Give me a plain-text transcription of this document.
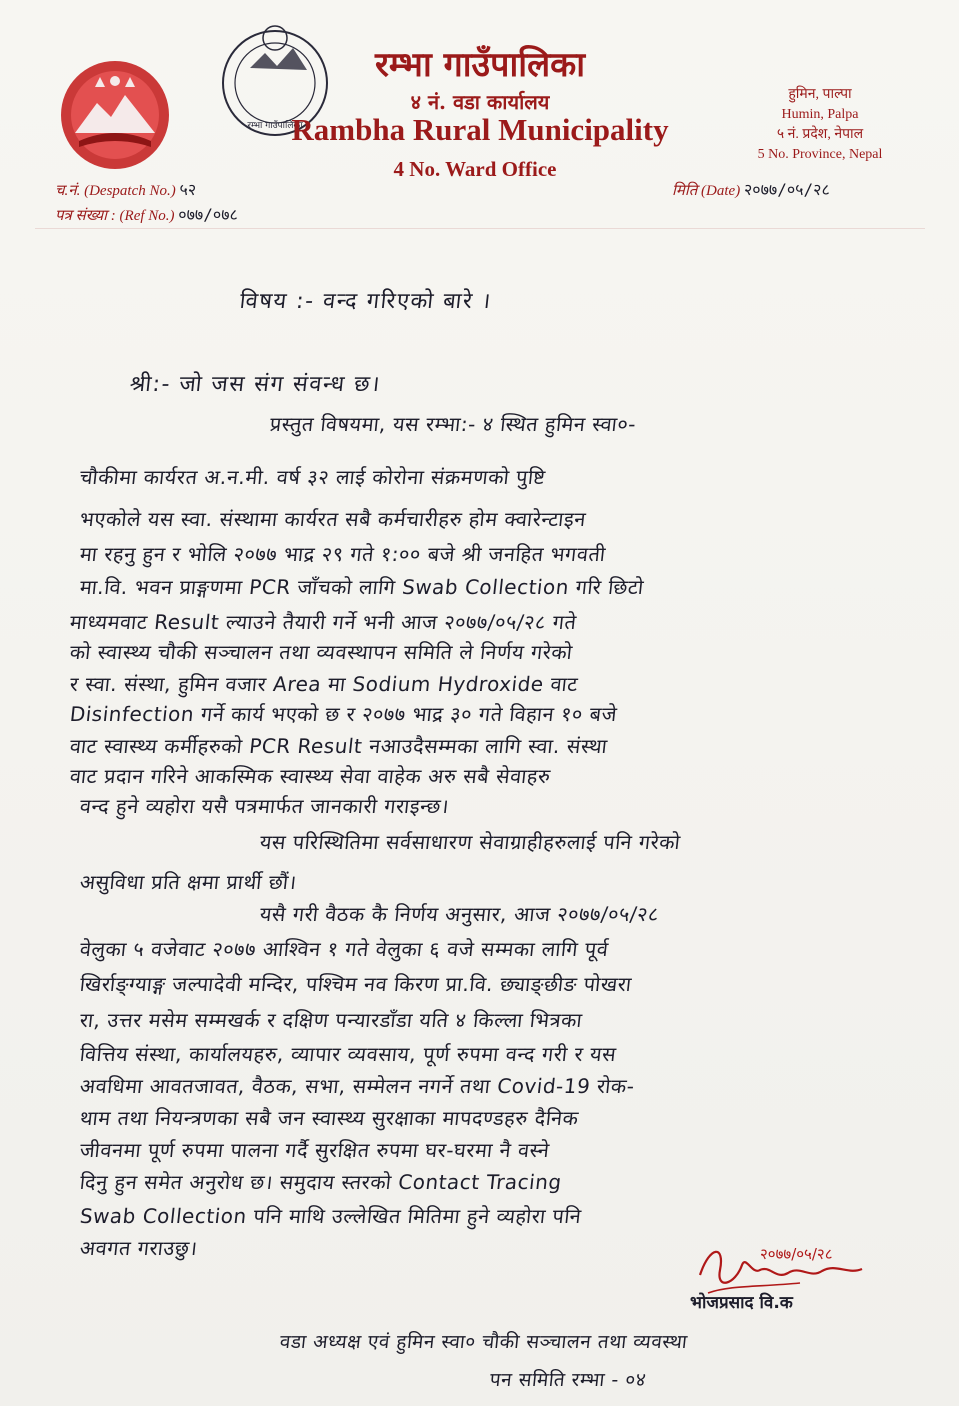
रम्भा गाउँपालिका
रम्भा गाउँपालिका
४ नं. वडा कार्यालय
Rambha Rural Municipality
4 No. Ward Office
हुमिन, पाल्पा
Humin, Palpa
५ नं. प्रदेश, नेपाल
5 No. Province, Nepal
च.नं. (Despatch No.) ५२
पत्र संख्या : (Ref No.) ०७७/०७८
मिति (Date) २०७७/०५/२८
विषय :- वन्द गरिएको बारे ।
श्री:- जो जस संग संवन्ध छ।
प्रस्तुत विषयमा, यस रम्भा:- ४ स्थित हुमिन स्वा०-
चौकीमा कार्यरत अ.न.मी. वर्ष ३२ लाई कोरोना संक्रमणको पुष्टि
भएकोले यस स्वा. संस्थामा कार्यरत सबै कर्मचारीहरु होम क्वारेन्टाइन
मा रहनु हुन र भोलि २०७७ भाद्र २९ गते १:०० बजे श्री जनहित भगवती
मा.वि. भवन प्राङ्गणमा PCR जाँचको लागि Swab Collection गरि छिटो
माध्यमवाट Result ल्याउने तैयारी गर्ने भनी आज २०७७/०५/२८ गते
को स्वास्थ्य चौकी सञ्चालन तथा व्यवस्थापन समिति ले निर्णय गरेको
र स्वा. संस्था, हुमिन वजार Area मा Sodium Hydroxide वाट
Disinfection गर्ने कार्य भएको छ र २०७७ भाद्र ३० गते विहान १० बजे
वाट स्वास्थ्य कर्मीहरुको PCR Result नआउदैसम्मका लागि स्वा. संस्था
वाट प्रदान गरिने आकस्मिक स्वास्थ्य सेवा वाहेक अरु सबै सेवाहरु
वन्द हुने व्यहोरा यसै पत्रमार्फत जानकारी गराइन्छ।
यस परिस्थितिमा सर्वसाधारण सेवाग्राहीहरुलाई पनि गरेको
असुविधा प्रति क्षमा प्रार्थी छौं।
यसै गरी वैठक कै निर्णय अनुसार, आज २०७७/०५/२८
वेलुका ५ वजेवाट २०७७ आश्विन १ गते वेलुका ६ वजे सम्मका लागि पूर्व
खिर्राङ्ग्याङ्ग जल्पादेवी मन्दिर, पश्चिम नव किरण प्रा.वि. छ्याङ्छीङ पोखरा
रा, उत्तर मसेम सम्मखर्क र दक्षिण पन्यारडाँडा यति ४ किल्ला भित्रका
वित्तिय संस्था, कार्यालयहरु, व्यापार व्यवसाय, पूर्ण रुपमा वन्द गरी र यस
अवधिमा आवतजावत, वैठक, सभा, सम्मेलन नगर्ने तथा Covid-19 रोक-
थाम तथा नियन्त्रणका सबै जन स्वास्थ्य सुरक्षाका मापदण्डहरु दैनिक
जीवनमा पूर्ण रुपमा पालना गर्दै सुरक्षित रुपमा घर-घरमा नै वस्ने
दिनु हुन समेत अनुरोध छ। समुदाय स्तरको Contact Tracing
Swab Collection पनि माथि उल्लेखित मितिमा हुने व्यहोरा पनि
अवगत गराउछु।	२०७७/०५/२८
भोजप्रसाद वि.क
वडा अध्यक्ष एवं हुमिन स्वा० चौकी सञ्चालन तथा व्यवस्था
पन समिति रम्भा - ०४
